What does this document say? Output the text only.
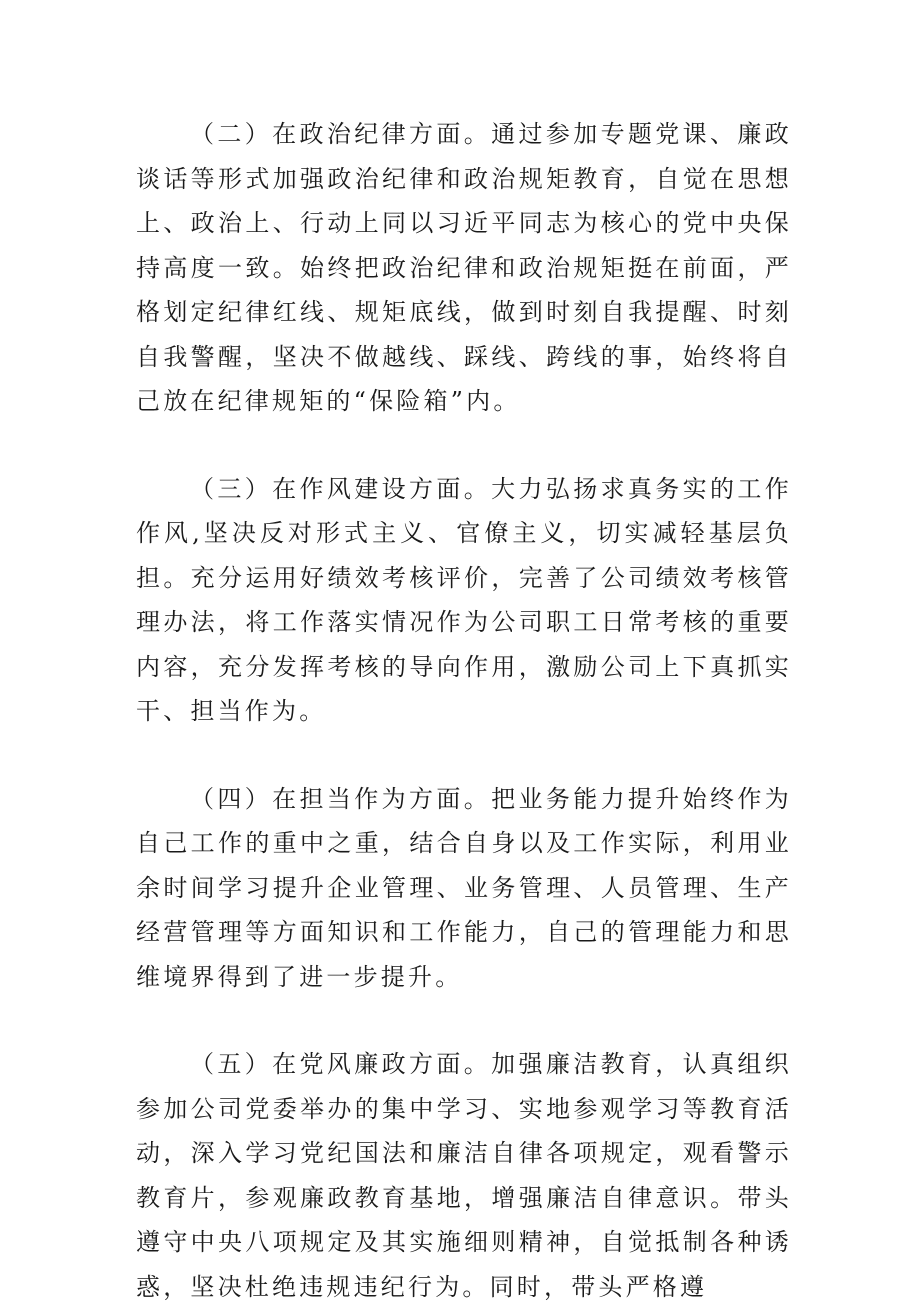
（二）在政治纪律方面。通过参加专题党课、廉政谈话等形式加强政治纪律和政治规矩教育，自觉在思想上、政治上、行动上同以习近平同志为核心的党中央保持高度一致。始终把政治纪律和政治规矩挺在前面，严格划定纪律红线、规矩底线，做到时刻自我提醒、时刻自我警醒，坚决不做越线、踩线、跨线的事，始终将自己放在纪律规矩的“保险箱”内。

（三）在作风建设方面。大力弘扬求真务实的工作作风,坚决反对形式主义、官僚主义，切实减轻基层负担。充分运用好绩效考核评价，完善了公司绩效考核管理办法，将工作落实情况作为公司职工日常考核的重要内容，充分发挥考核的导向作用，激励公司上下真抓实干、担当作为。

（四）在担当作为方面。把业务能力提升始终作为自己工作的重中之重，结合自身以及工作实际，利用业余时间学习提升企业管理、业务管理、人员管理、生产经营管理等方面知识和工作能力，自己的管理能力和思维境界得到了进一步提升。

（五）在党风廉政方面。加强廉洁教育，认真组织参加公司党委举办的集中学习、实地参观学习等教育活动，深入学习党纪国法和廉洁自律各项规定，观看警示教育片，参观廉政教育基地，增强廉洁自律意识。带头遵守中央八项规定及其实施细则精神，自觉抵制各种诱惑，坚决杜绝违规违纪行为。同时，带头严格遵
